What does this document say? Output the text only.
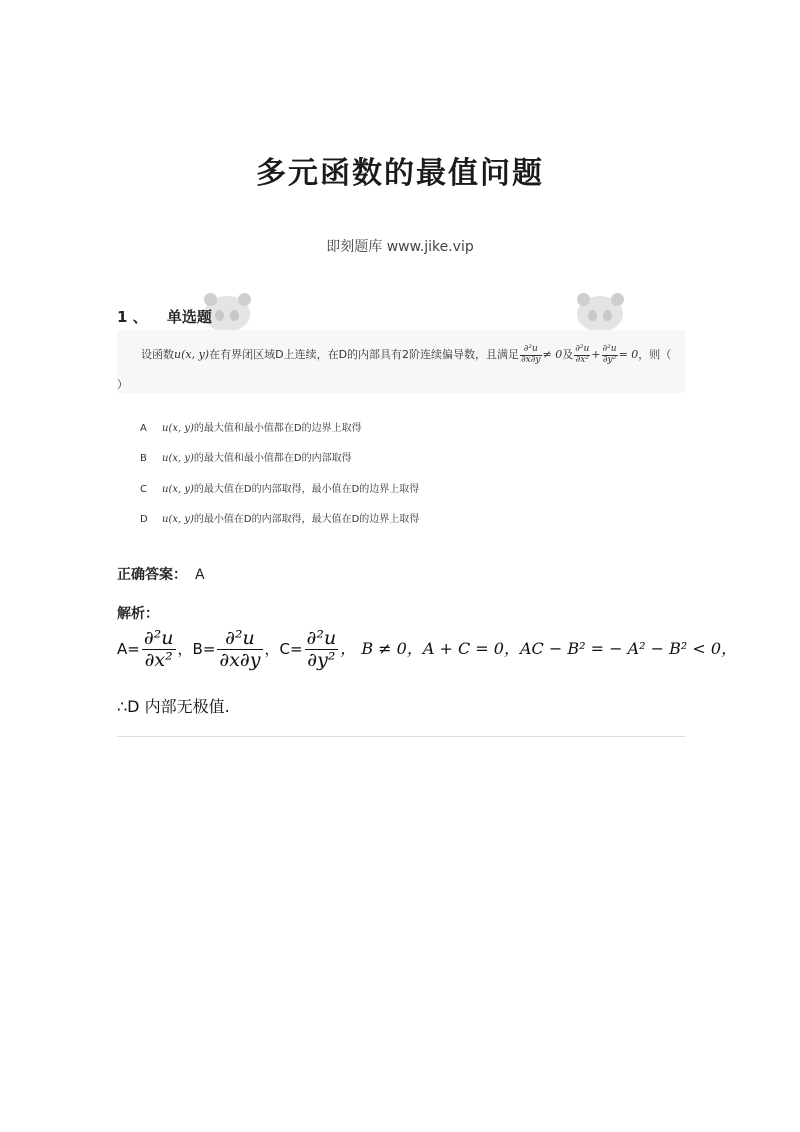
多元函数的最值问题
即刻题库 www.jike.vip
1 、 单选题
设函数u(x, y)在有界闭区域D上连续，在D的内部具有2阶连续偏导数，且满足 $\frac{\text{∂²u}}{\partial x\partial y} \ne 0$及 $\frac{\text{∂²u}}{\text{∂x²}} + \frac{\text{∂²u}}{\text{∂y²}} = 0$，则（
）
A u(x, y)的最大值和最小值都在D的边界上取得
B u(x, y)的最大值和最小值都在D的内部取得
C u(x, y)的最大值在D的内部取得，最小值在D的边界上取得
D u(x, y)的最小值在D的内部取得，最大值在D的边界上取得
正确答案： A
解析：
$A= \frac{\text{∂²u}}{\text{∂x²}}$ ，$B= \frac{\text{∂²u}}{\partial x\partial y}$ ，$C= \frac{\text{∂²u}}{\text{∂y²}}$ ， B ≠ 0，A + C = 0，AC − B² = − A² − B² < 0，
∴D 内部无极值.
